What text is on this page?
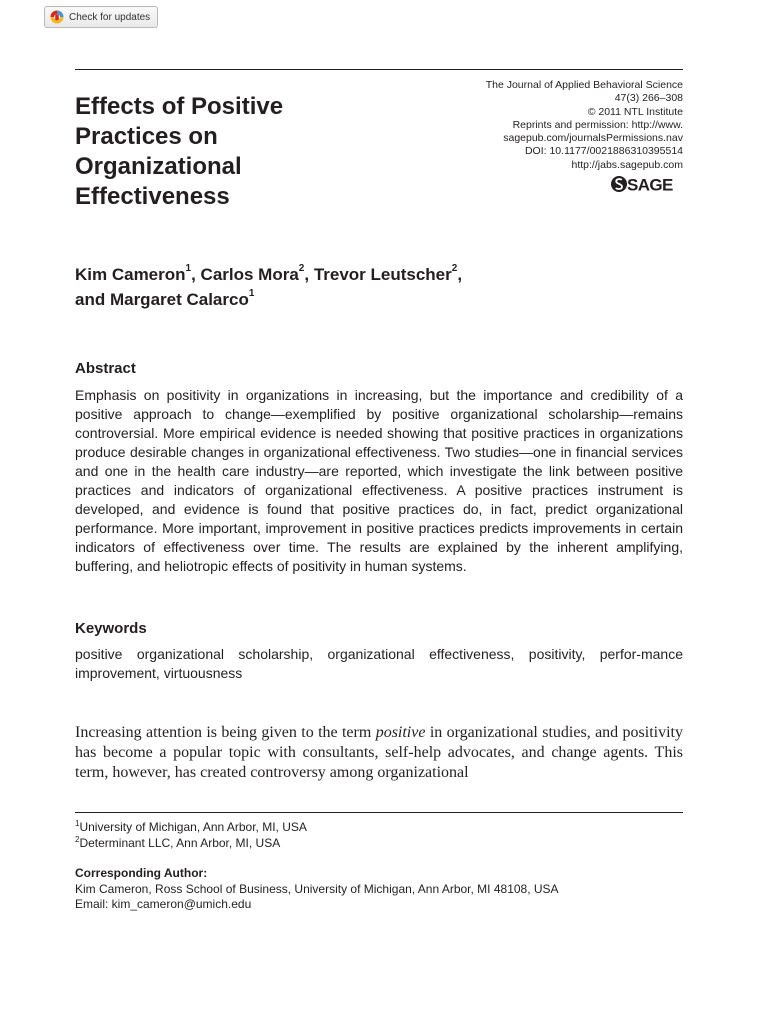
Check for updates
Effects of Positive
Practices on
Organizational
Effectiveness
The Journal of Applied Behavioral Science
47(3) 266–308
© 2011 NTL Institute
Reprints and permission: http://www.
sagepub.com/journalsPermissions.nav
DOI: 10.1177/0021886310395514
http://jabs.sagepub.com
SAGE
Kim Cameron$^1$, Carlos Mora$^2$, Trevor Leutscher$^2$,
and Margaret Calarco$^1$
Abstract

Emphasis on positivity in organizations in increasing, but the importance and credibility of a positive approach to change—exemplified by positive organizational scholarship—remains controversial. More empirical evidence is needed showing that positive practices in organizations produce desirable changes in organizational effectiveness. Two studies—one in financial services and one in the health care industry—are reported, which investigate the link between positive practices and indicators of organizational effectiveness. A positive practices instrument is developed, and evidence is found that positive practices do, in fact, predict organizational performance. More important, improvement in positive practices predicts improvements in certain indicators of effectiveness over time. The results are explained by the inherent amplifying, buffering, and heliotropic effects of positivity in human systems.

Keywords

positive organizational scholarship, organizational effectiveness, positivity, perfor-mance improvement, virtuousness

Increasing attention is being given to the term positive in organizational studies, and positivity has become a popular topic with consultants, self-help advocates, and change agents. This term, however, has created controversy among organizational

$^1$University of Michigan, Ann Arbor, MI, USA
$^2$Determinant LLC, Ann Arbor, MI, USA
Corresponding Author:
Kim Cameron, Ross School of Business, University of Michigan, Ann Arbor, MI 48108, USA
Email: kim_cameron@umich.edu
